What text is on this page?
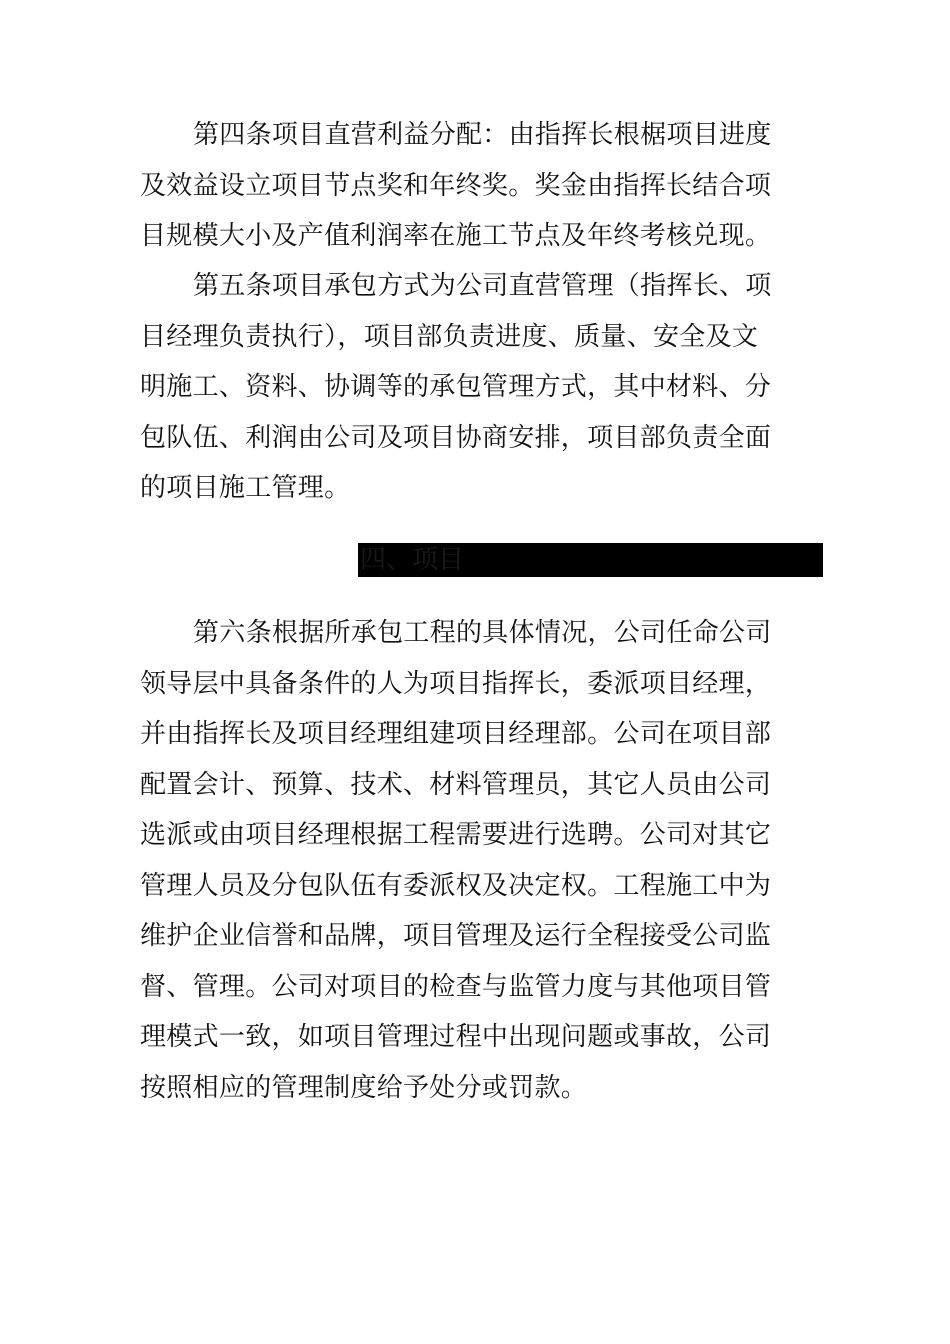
第四条项目直营利益分配：由指挥长根椐项目进度
及效益设立项目节点奖和年终奖。奖金由指挥长结合项
目规模大小及产值利润率在施工节点及年终考核兑现。
第五条项目承包方式为公司直营管理（指挥长、项
目经理负责执行），项目部负责进度、质量、安全及文
明施工、资料、协调等的承包管理方式，其中材料、分
包队伍、利润由公司及项目协商安排，项目部负责全面
的项目施工管理。
四、项目
第六条根据所承包工程的具体情况，公司任命公司
领导层中具备条件的人为项目指挥长，委派项目经理，
并由指挥长及项目经理组建项目经理部。公司在项目部
配置会计、预算、技术、材料管理员，其它人员由公司
选派或由项目经理根据工程需要进行选聘。公司对其它
管理人员及分包队伍有委派权及决定权。工程施工中为
维护企业信誉和品牌，项目管理及运行全程接受公司监
督、管理。公司对项目的检查与监管力度与其他项目管
理模式一致，如项目管理过程中出现问题或事故，公司
按照相应的管理制度给予处分或罚款。
